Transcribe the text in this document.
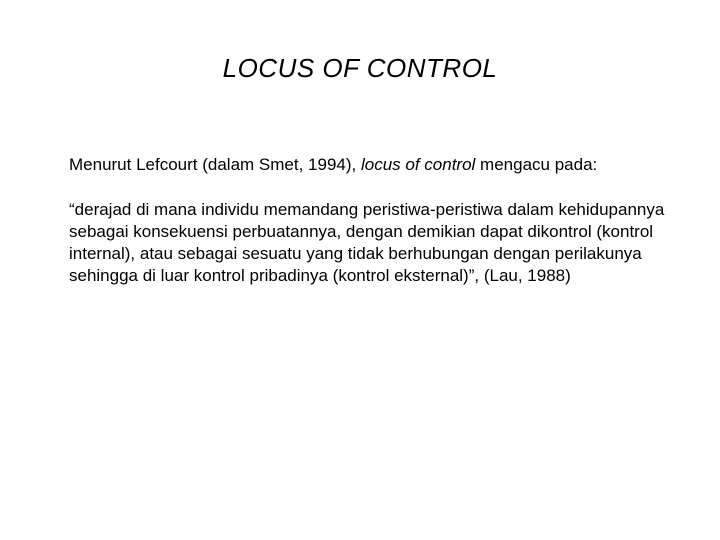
LOCUS OF CONTROL

Menurut Lefcourt (dalam Smet, 1994), locus of control mengacu pada:

“derajad di mana individu memandang peristiwa-peristiwa dalam kehidupannya sebagai konsekuensi perbuatannya, dengan demikian dapat dikontrol (kontrol internal), atau sebagai sesuatu yang tidak berhubungan dengan perilakunya sehingga di luar kontrol pribadinya (kontrol eksternal)”, (Lau, 1988)
